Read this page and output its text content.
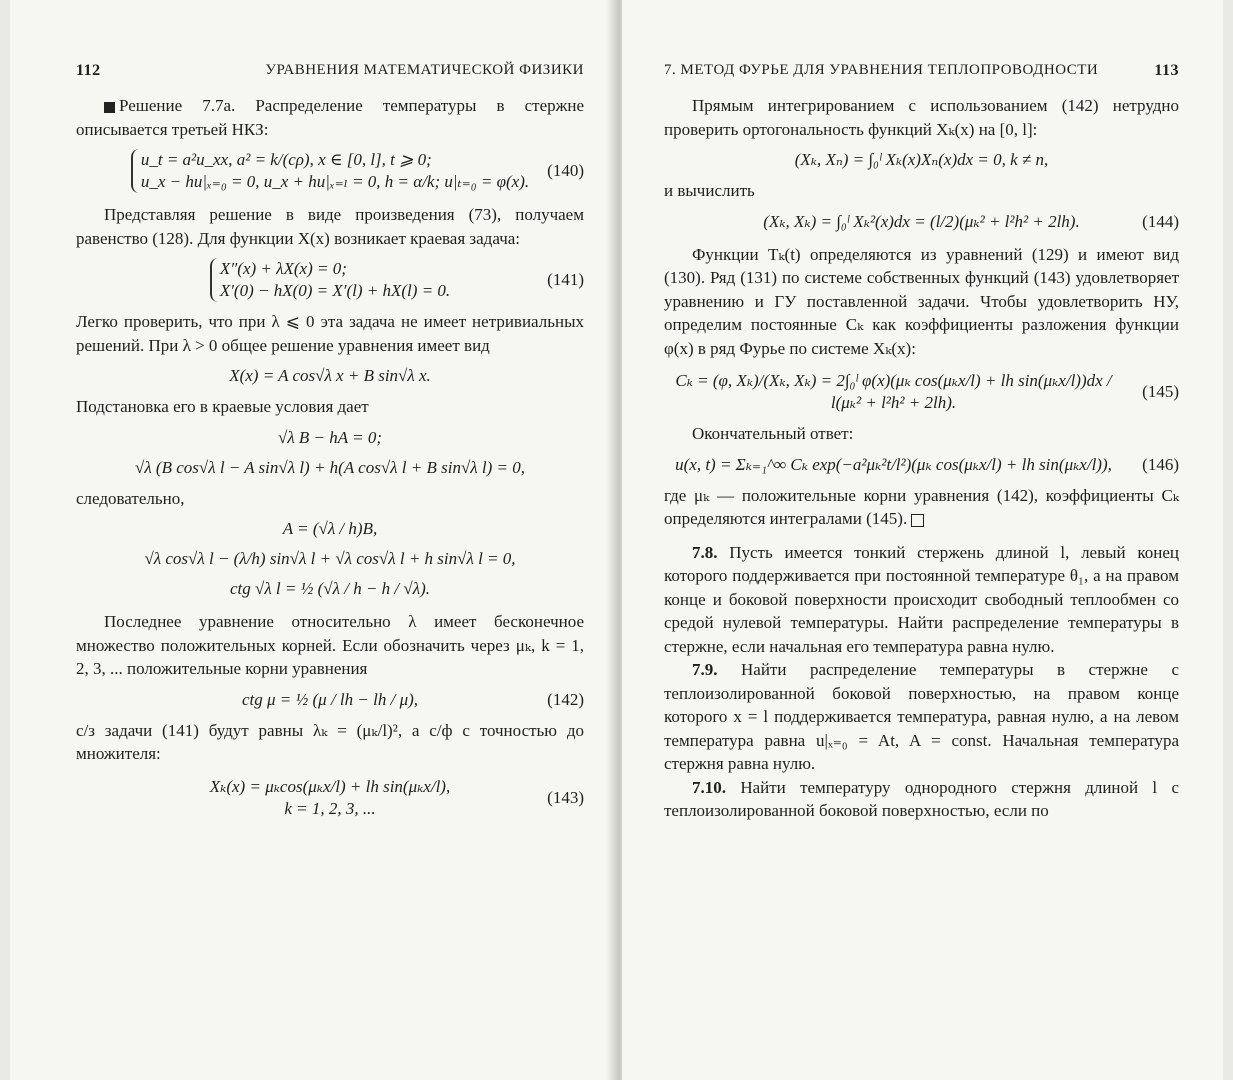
112	УРАВНЕНИЯ МАТЕМАТИЧЕСКОЙ ФИЗИКИ

Решение 7.7а. Распределение температуры в стержне описывается третьей НКЗ:

u_t = a²u_xx, a² = k/(cρ), x ∈ [0, l], t ⩾ 0;
u_x − hu|ₓ₌₀ = 0, u_x + hu|ₓ₌ₗ = 0, h = α/k; u|ₜ₌₀ = φ(x).
(140)

Представляя решение в виде произведения (73), получаем равенство (128). Для функции X(x) возникает краевая задача:

X″(x) + λX(x) = 0;
X′(0) − hX(0) = X′(l) + hX(l) = 0.
(141)

Легко проверить, что при λ ⩽ 0 эта задача не имеет нетривиальных решений. При λ > 0 общее решение уравнения имеет вид

X(x) = A cos√λ x + B sin√λ x.

Подстановка его в краевые условия дает

√λ B − hA = 0;
√λ (B cos√λ l − A sin√λ l) + h(A cos√λ l + B sin√λ l) = 0,

следовательно,

A = (√λ / h)B,
√λ cos√λ l − (λ/h) sin√λ l + √λ cos√λ l + h sin√λ l = 0,
ctg √λ l = ½ (√λ / h − h / √λ).

Последнее уравнение относительно λ имеет бесконечное множество положительных корней. Если обозначить через μₖ, k = 1, 2, 3, ... положительные корни уравнения

ctg μ = ½ (μ / lh − lh / μ),	(142)

с/з задачи (141) будут равны λₖ = (μₖ/l)², а с/ф с точностью до множителя:

Xₖ(x) = μₖcos(μₖx/l) + lh sin(μₖx/l),
k = 1, 2, 3, ...
(143)
7. МЕТОД ФУРЬЕ ДЛЯ УРАВНЕНИЯ ТЕПЛОПРОВОДНОСТИ	113

Прямым интегрированием с использованием (142) нетрудно проверить ортогональность функций Xₖ(x) на [0, l]:

(Xₖ, Xₙ) = ∫₀ˡ Xₖ(x)Xₙ(x)dx = 0, k ≠ n,

и вычислить

(Xₖ, Xₖ) = ∫₀ˡ Xₖ²(x)dx = (l/2)(μₖ² + l²h² + 2lh).	(144)

Функции Tₖ(t) определяются из уравнений (129) и имеют вид (130). Ряд (131) по системе собственных функций (143) удовлетворяет уравнению и ГУ поставленной задачи. Чтобы удовлетворить НУ, определим постоянные Cₖ как коэффициенты разложения функции φ(x) в ряд Фурье по системе Xₖ(x):

Cₖ = (φ, Xₖ)/(Xₖ, Xₖ) = 2∫₀ˡ φ(x)(μₖ cos(μₖx/l) + lh sin(μₖx/l))dx / l(μₖ² + l²h² + 2lh).
(145)

Окончательный ответ:

u(x, t) = Σₖ₌₁^∞ Cₖ exp(−a²μₖ²t/l²)(μₖ cos(μₖx/l) + lh sin(μₖx/l)), (146)

где μₖ — положительные корни уравнения (142), коэффициенты Cₖ определяются интегралами (145).

7.8. Пусть имеется тонкий стержень длиной l, левый конец которого поддерживается при постоянной температуре θ₁, а на правом конце и боковой поверхности происходит свободный теплообмен со средой нулевой температуры. Найти распределение температуры в стержне, если начальная его температура равна нулю.

7.9. Найти распределение температуры в стержне с теплоизолированной боковой поверхностью, на правом конце которого x = l поддерживается температура, равная нулю, а на левом температура равна u|ₓ₌₀ = At, A = const. Начальная температура стержня равна нулю.

7.10. Найти температуру однородного стержня длиной l с теплоизолированной боковой поверхностью, если по
